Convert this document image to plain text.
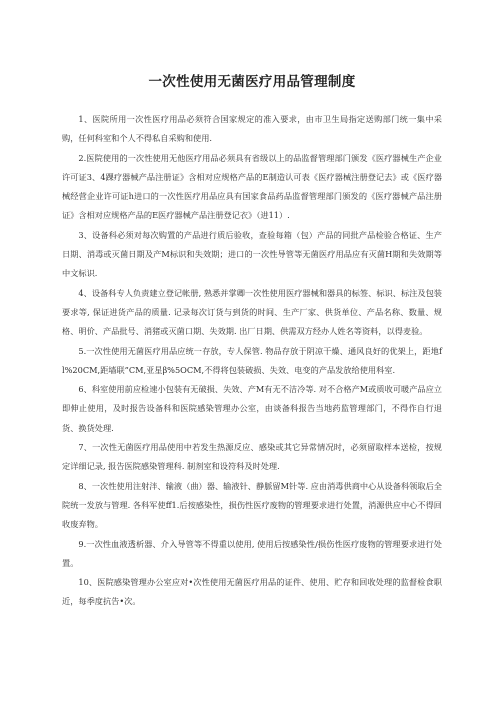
一次性使用无菌医疗用品管理制度

1、医院所用一次性医疗用品必须符合国家规定的准入要求，由市卫生局指定送购部门统一集中采购，任何科室和个人不得私自采购和使用.

2.医院使用的一次性使用无他医疗用品必须具有省级以上的品监督管理部门颁发《医疗器械生产企业许可证3、4踝疗器械产品注册证》含相对应规格产品的E制造认可表《医疗器械注册登记去》或《医疗器械经营企业许可证h进口的一次性医疗用品应具有国家食品药品监督管理部门颁发的《医疗器械产品注册证》含相对应规格产品的E医疗器械产品注册登记衣》（进11）.

3、设备科必须对每次购置的产品进行质后验收，查验每箱（包）产品的同批产品检验合格证、生产日期、消毒或灭菌日期及产M标识和失效期；进口的一次性导管等无菌医疗用品应有灭菌H期和失效期等中文标识.

4、设备科专人负责建立登记帐册, 熟悉并掌卿一次性使用医疗器械和器具的标签、标识、标注及包装要求等, 保证进货产品的质量. 记录每次订货与到货的时间、生产厂家、供货单位、产品名称、数量、规格、明价、产品批号、消猪或灭菌口期、失效期. 出厂日期、供需双方经办人姓名等资料，以得麦验。

5.一次性使用无菌医疗用品应统一存放，专人保管. 物品存放于阴凉干燥、通风良好的优架上，距地fl%20CM,距墙联”CM,亚星β%5OCM,不得将包装破损、失效、电变的产品发放给使用科室.

6、科室使用前应检速小包装有无破损、失效、产M有无不洁冷等. 对不合格产M或质收可暖产品应立即伸止使用，及时报告设备科和医院感染管理办公室，由谈备科报告当地药监管理部门，不得作自行退货、换货处理.

7、一次性无菌医疗用品使用中若发生热源反应、感染或其它异常情况时，必须留取样本送检，按规定详细记录, 报告医院感染管理科. 制剂室和设符科及时处理.

8、一次性使用注射泮、输液（曲）器、输液针、静脈留M针等. 应由消毒供商中心从设备科领取后全院统一发放与管理. 各科军使ff1.后按感染性，损伤性医疗废物的管理要求进行处置，消源供应中心不得回收废弃物。

9.一次性血液透析器、介入导管等不得重以使用, 使用后按感染性/损伤性医疗废物的管理要求进行处置。

10、医院感染管理办公室应对•次性使用无菌医疗用品的证件、使用、贮存和回收处理的监督检食职近，每季度抗告•次。
